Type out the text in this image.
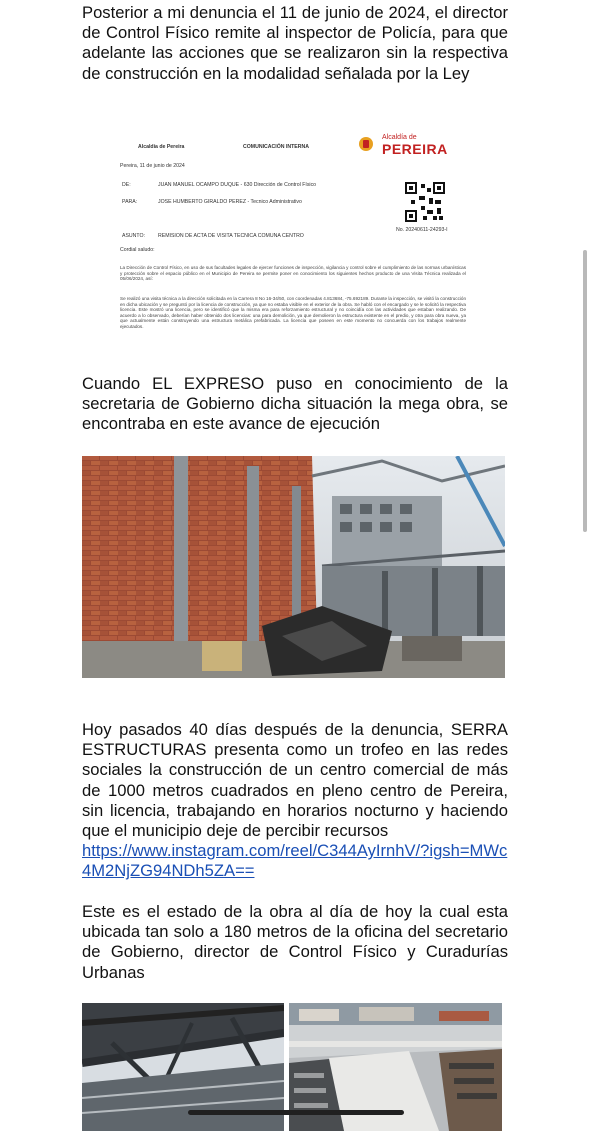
Posterior a mi denuncia el 11 de junio de 2024, el director de Control Físico remite al inspector de Policía, para que adelante las acciones que se realizaron sin la respectiva de construcción en la modalidad señalada por la Ley

Alcaldía de Pereira	COMUNICACIÓN INTERNA
Alcaldía de
PEREIRA
Pereira, 11 de junio de 2024
DE:	JUAN MANUEL OCAMPO DUQUE - 630 Dirección de Control Físico
PARA:	JOSE HUMBERTO GIRALDO PEREZ - Tecnico Administrativo
No. 20240611-24293-I
ASUNTO:	REMISION DE ACTA DE VISITA TECNICA COMUNA CENTRO
Cordial saludo:
La Dirección de Control Físico, en uso de sus facultades legales de ejercer funciones de inspección, vigilancia y control sobre el cumplimiento de las normas urbanísticas y protección sobre el espacio público en el Municipio de Pereira se permite poner en conocimiento los siguientes hechos producto de una Visita Técnica realizada el 05/06/2024, así:
Se realizó una visita técnica a la dirección solicitada en la Carrera 8 No 16-34/50, con coordenadas 4.813684, -75.692189. Durante la inspección, se visitó la construcción en dicha ubicación y se preguntó por la licencia de construcción, ya que no estaba visible en el exterior de la obra. Se habló con el encargado y se le solicitó la respectiva licencia. Este mostró una licencia, pero se identificó que la misma era para reforzamiento estructural y no coincidía con las actividades que estaban realizando. De acuerdo a lo observado, deberían haber obtenido dos licencias: una para demolición, ya que demolieron la estructura existente en el predio, y otra para obra nueva, ya que actualmente están construyendo una estructura metálica prefabricada. La licencia que poseen en este momento no concuerda con los trabajos realmente ejecutados.

Cuando EL EXPRESO puso en conocimiento de la secretaria de Gobierno dicha situación la mega obra, se encontraba en este avance de ejecución

Hoy pasados 40 días después de la denuncia, SERRA ESTRUCTURAS presenta como un trofeo en las redes sociales la construcción de un centro comercial de más de 1000 metros cuadrados en pleno centro de Pereira, sin licencia, trabajando en horarios nocturno y haciendo que el municipio deje de percibir recursos
https://www.instagram.com/reel/C344AyIrnhV/?igsh=MWc4M2NjZG94NDh5ZA==

Este es el estado de la obra al día de hoy la cual esta ubicada tan solo a 180 metros de la oficina del secretario de Gobierno, director de Control Físico y Curadurías Urbanas
